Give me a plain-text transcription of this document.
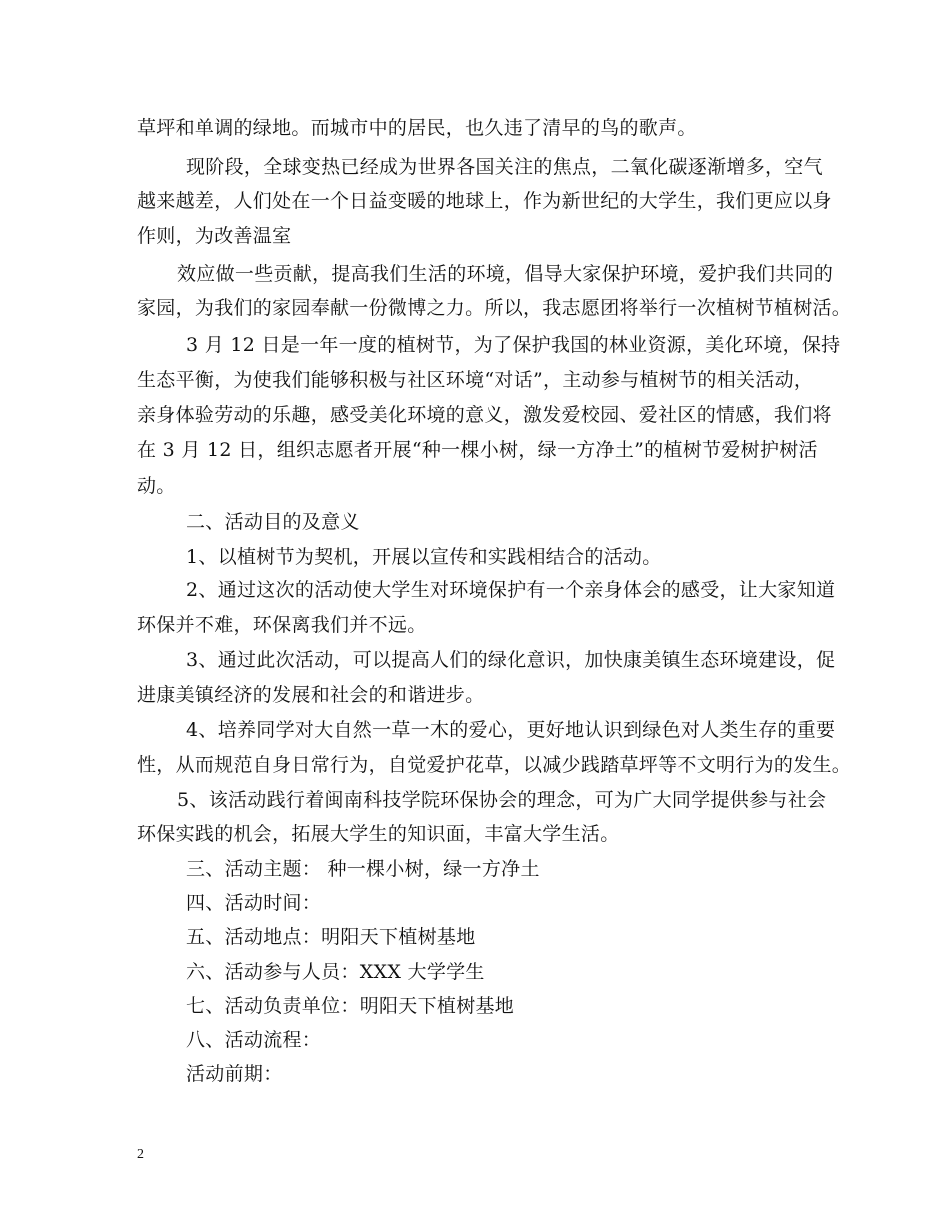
草坪和单调的绿地。而城市中的居民，也久违了清早的鸟的歌声。
现阶段，全球变热已经成为世界各国关注的焦点，二氧化碳逐渐增多，空气
越来越差，人们处在一个日益变暖的地球上，作为新世纪的大学生，我们更应以身
作则，为改善温室
效应做一些贡献，提高我们生活的环境，倡导大家保护环境，爱护我们共同的
家园，为我们的家园奉献一份微博之力。所以，我志愿团将举行一次植树节植树活。
3 月 12 日是一年一度的植树节，为了保护我国的林业资源，美化环境，保持
生态平衡，为使我们能够积极与社区环境“对话”，主动参与植树节的相关活动，
亲身体验劳动的乐趣，感受美化环境的意义，激发爱校园、爱社区的情感，我们将
在 3 月 12 日，组织志愿者开展“种一棵小树，绿一方净土”的植树节爱树护树活
动。
二、活动目的及意义
1、以植树节为契机，开展以宣传和实践相结合的活动。
2、通过这次的活动使大学生对环境保护有一个亲身体会的感受，让大家知道
环保并不难，环保离我们并不远。
3、通过此次活动，可以提高人们的绿化意识，加快康美镇生态环境建设，促
进康美镇经济的发展和社会的和谐进步。
4、培养同学对大自然一草一木的爱心，更好地认识到绿色对人类生存的重要
性，从而规范自身日常行为，自觉爱护花草，以减少践踏草坪等不文明行为的发生。
5、该活动践行着闽南科技学院环保协会的理念，可为广大同学提供参与社会
环保实践的机会，拓展大学生的知识面，丰富大学生活。
三、活动主题： 种一棵小树，绿一方净土
四、活动时间：
五、活动地点：明阳天下植树基地
六、活动参与人员：XXX 大学学生
七、活动负责单位：明阳天下植树基地
八、活动流程：
活动前期：
2
